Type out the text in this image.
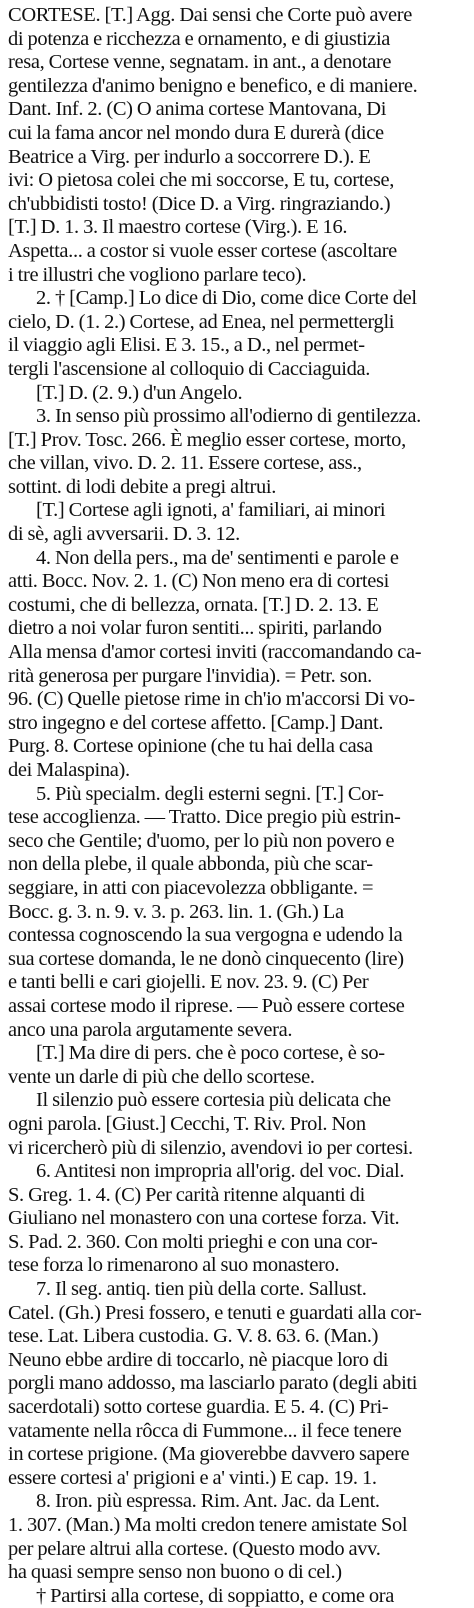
CORTESE. [T.] Agg. Dai sensi che Corte può avere
di potenza e ricchezza e ornamento, e di giustizia
resa, Cortese venne, segnatam. in ant., a denotare
gentilezza d'animo benigno e benefico, e di maniere.
Dant. Inf. 2. (C) O anima cortese Mantovana, Di
cui la fama ancor nel mondo dura E durerà (dice
Beatrice a Virg. per indurlo a soccorrere D.). E
ivi: O pietosa colei che mi soccorse, E tu, cortese,
ch'ubbidisti tosto! (Dice D. a Virg. ringraziando.)
[T.] D. 1. 3. Il maestro cortese (Virg.). E 16.
Aspetta... a costor si vuole esser cortese (ascoltare
i tre illustri che vogliono parlare teco).
2. † [Camp.] Lo dice di Dio, come dice Corte del
cielo, D. (1. 2.) Cortese, ad Enea, nel permettergli
il viaggio agli Elisi. E 3. 15., a D., nel permet-
tergli l'ascensione al colloquio di Cacciaguida.
[T.] D. (2. 9.) d'un Angelo.
3. In senso più prossimo all'odierno di gentilezza.
[T.] Prov. Tosc. 266. È meglio esser cortese, morto,
che villan, vivo. D. 2. 11. Essere cortese, ass.,
sottint. di lodi debite a pregi altrui.
[T.] Cortese agli ignoti, a' familiari, ai minori
di sè, agli avversarii. D. 3. 12.
4. Non della pers., ma de' sentimenti e parole e
atti. Bocc. Nov. 2. 1. (C) Non meno era di cortesi
costumi, che di bellezza, ornata. [T.] D. 2. 13. E
dietro a noi volar furon sentiti... spiriti, parlando
Alla mensa d'amor cortesi inviti (raccomandando ca-
rità generosa per purgare l'invidia). = Petr. son.
96. (C) Quelle pietose rime in ch'io m'accorsi Di vo-
stro ingegno e del cortese affetto. [Camp.] Dant.
Purg. 8. Cortese opinione (che tu hai della casa
dei Malaspina).
5. Più specialm. degli esterni segni. [T.] Cor-
tese accoglienza. — Tratto. Dice pregio più estrin-
seco che Gentile; d'uomo, per lo più non povero e
non della plebe, il quale abbonda, più che scar-
seggiare, in atti con piacevolezza obbligante. =
Bocc. g. 3. n. 9. v. 3. p. 263. lin. 1. (Gh.) La
contessa cognoscendo la sua vergogna e udendo la
sua cortese domanda, le ne donò cinquecento (lire)
e tanti belli e cari giojelli. E nov. 23. 9. (C) Per
assai cortese modo il riprese. — Può essere cortese
anco una parola argutamente severa.
[T.] Ma dire di pers. che è poco cortese, è so-
vente un darle di più che dello scortese.
Il silenzio può essere cortesia più delicata che
ogni parola. [Giust.] Cecchi, T. Riv. Prol. Non
vi ricercherò più di silenzio, avendovi io per cortesi.
6. Antitesi non impropria all'orig. del voc. Dial.
S. Greg. 1. 4. (C) Per carità ritenne alquanti di
Giuliano nel monastero con una cortese forza. Vit.
S. Pad. 2. 360. Con molti prieghi e con una cor-
tese forza lo rimenarono al suo monastero.
7. Il seg. antiq. tien più della corte. Sallust.
Catel. (Gh.) Presi fossero, e tenuti e guardati alla cor-
tese. Lat. Libera custodia. G. V. 8. 63. 6. (Man.)
Neuno ebbe ardire di toccarlo, nè piacque loro di
porgli mano addosso, ma lasciarlo parato (degli abiti
sacerdotali) sotto cortese guardia. E 5. 4. (C) Pri-
vatamente nella rôcca di Fummone... il fece tenere
in cortese prigione. (Ma gioverebbe davvero sapere
essere cortesi a' prigioni e a' vinti.) E cap. 19. 1.
8. Iron. più espressa. Rim. Ant. Jac. da Lent.
1. 307. (Man.) Ma molti credon tenere amistate Sol
per pelare altrui alla cortese. (Questo modo avv.
ha quasi sempre senso non buono o di cel.)
† Partirsi alla cortese, di soppiatto, e come ora
